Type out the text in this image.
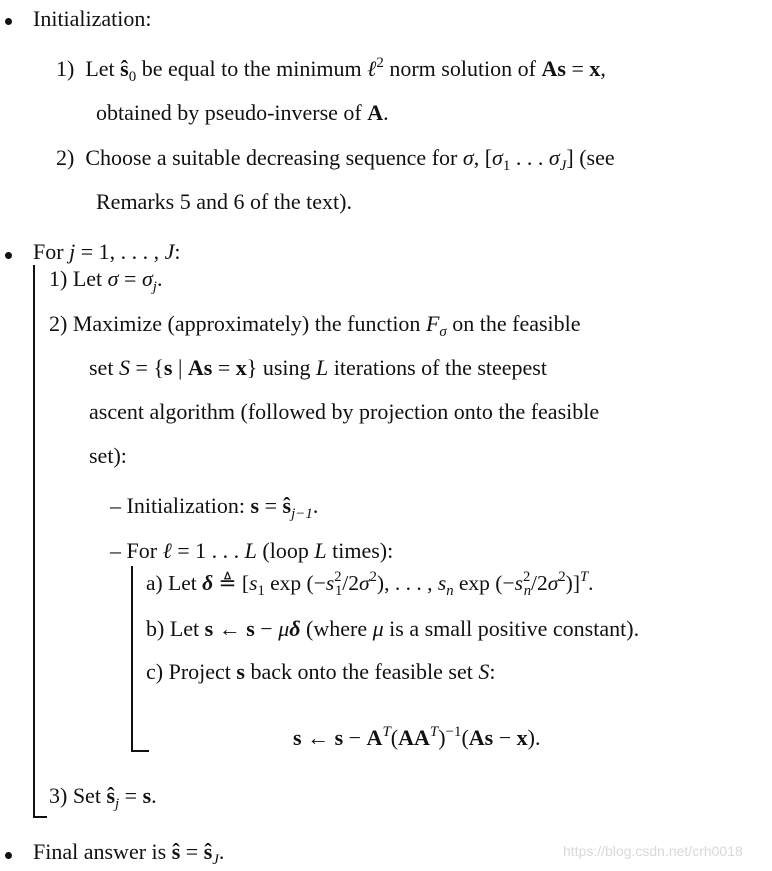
Initialization:
1) Let $ŝ_0$ be equal to the minimum ℓ$^2$ norm solution of As = x,
obtained by pseudo-inverse of A.
2) Choose a suitable decreasing sequence for σ, [$\sigma_1$ . . . $\sigma_J$] (see
Remarks 5 and 6 of the text).
For j = 1, . . . , J:
1) Let $\sigma = \sigma_j$.
2) Maximize (approximately) the function $F_\sigma$ on the feasible
set S = {s | As = x} using L iterations of the steepest
ascent algorithm (followed by projection onto the feasible
set):
– Initialization: $s = ŝ_{j-1}$.
– For ℓ = 1 . . . L (loop L times):
a) Let δ ≜ [$s_1$ $\exp (-s^2_1/2\sigma^2)$, . . . , $s_n$ $\exp (-s^2_n/2\sigma^2)]^T$.
b) Let s ← s − μδ (where μ is a small positive constant).
c) Project s back onto the feasible set S:
s ← $s - A^T(AA^T)^{-1}(As - x)$.
3) Set $ŝ_j = s$.
Final answer is ŝ = $ŝ_J$.	https://blog.csdn.net/crh0018
